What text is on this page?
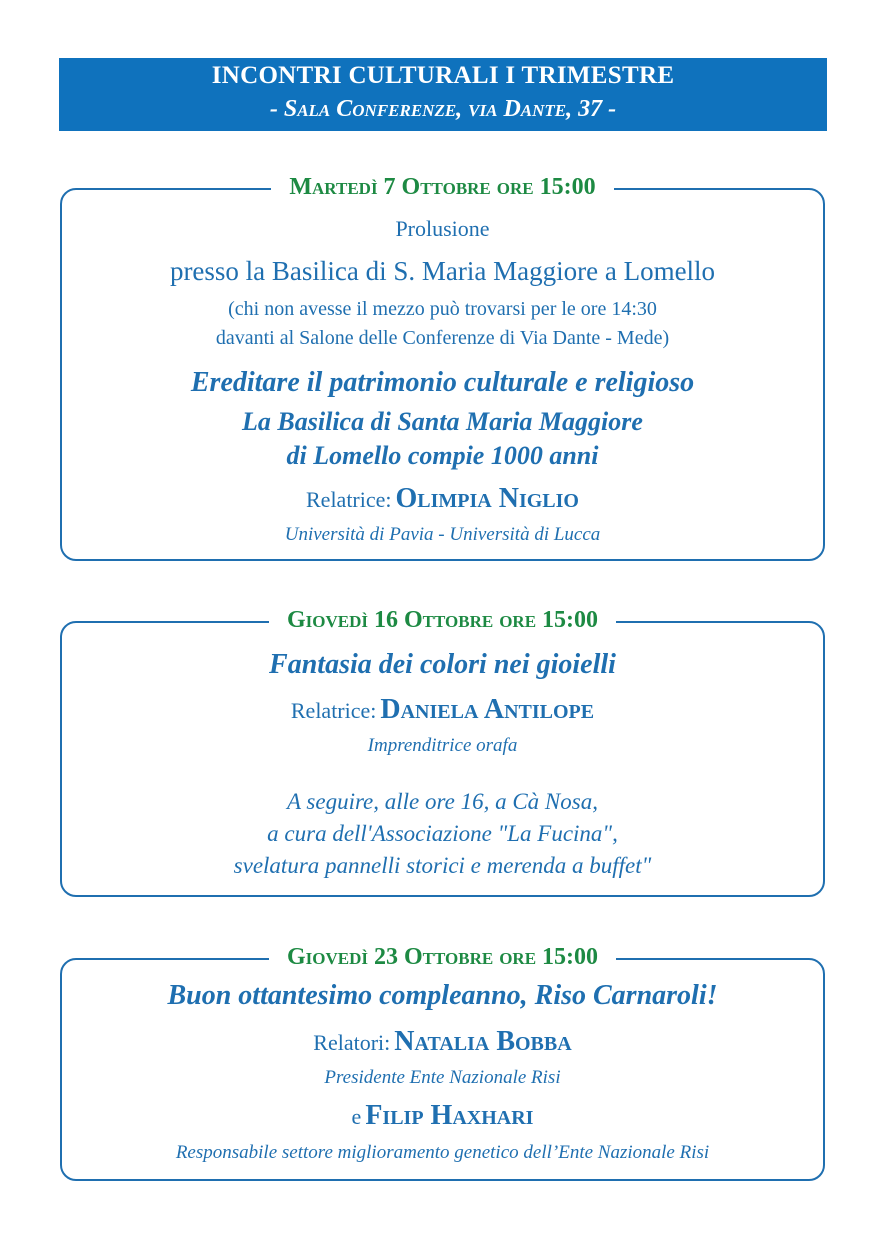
INCONTRI CULTURALI I TRIMESTRE
- Sala Conferenze, via Dante, 37 -
Martedì 7 Ottobre ore 15:00
Prolusione
presso la Basilica di S. Maria Maggiore a Lomello
(chi non avesse il mezzo può trovarsi per le ore 14:30
davanti al Salone delle Conferenze di Via Dante - Mede)
Ereditare il patrimonio culturale e religioso
La Basilica di Santa Maria Maggiore
di Lomello compie 1000 anni
Relatrice: Olimpia Niglio
Università di Pavia - Università di Lucca
Giovedì 16 Ottobre ore 15:00
Fantasia dei colori nei gioielli
Relatrice: Daniela Antilope
Imprenditrice orafa
A seguire, alle ore 16, a Cà Nosa,
a cura dell'Associazione "La Fucina",
svelatura pannelli storici e merenda a buffet"
Giovedì 23 Ottobre ore 15:00
Buon ottantesimo compleanno, Riso Carnaroli!
Relatori: Natalia Bobba
Presidente Ente Nazionale Risi
e Filip Haxhari
Responsabile settore miglioramento genetico dell’Ente Nazionale Risi
